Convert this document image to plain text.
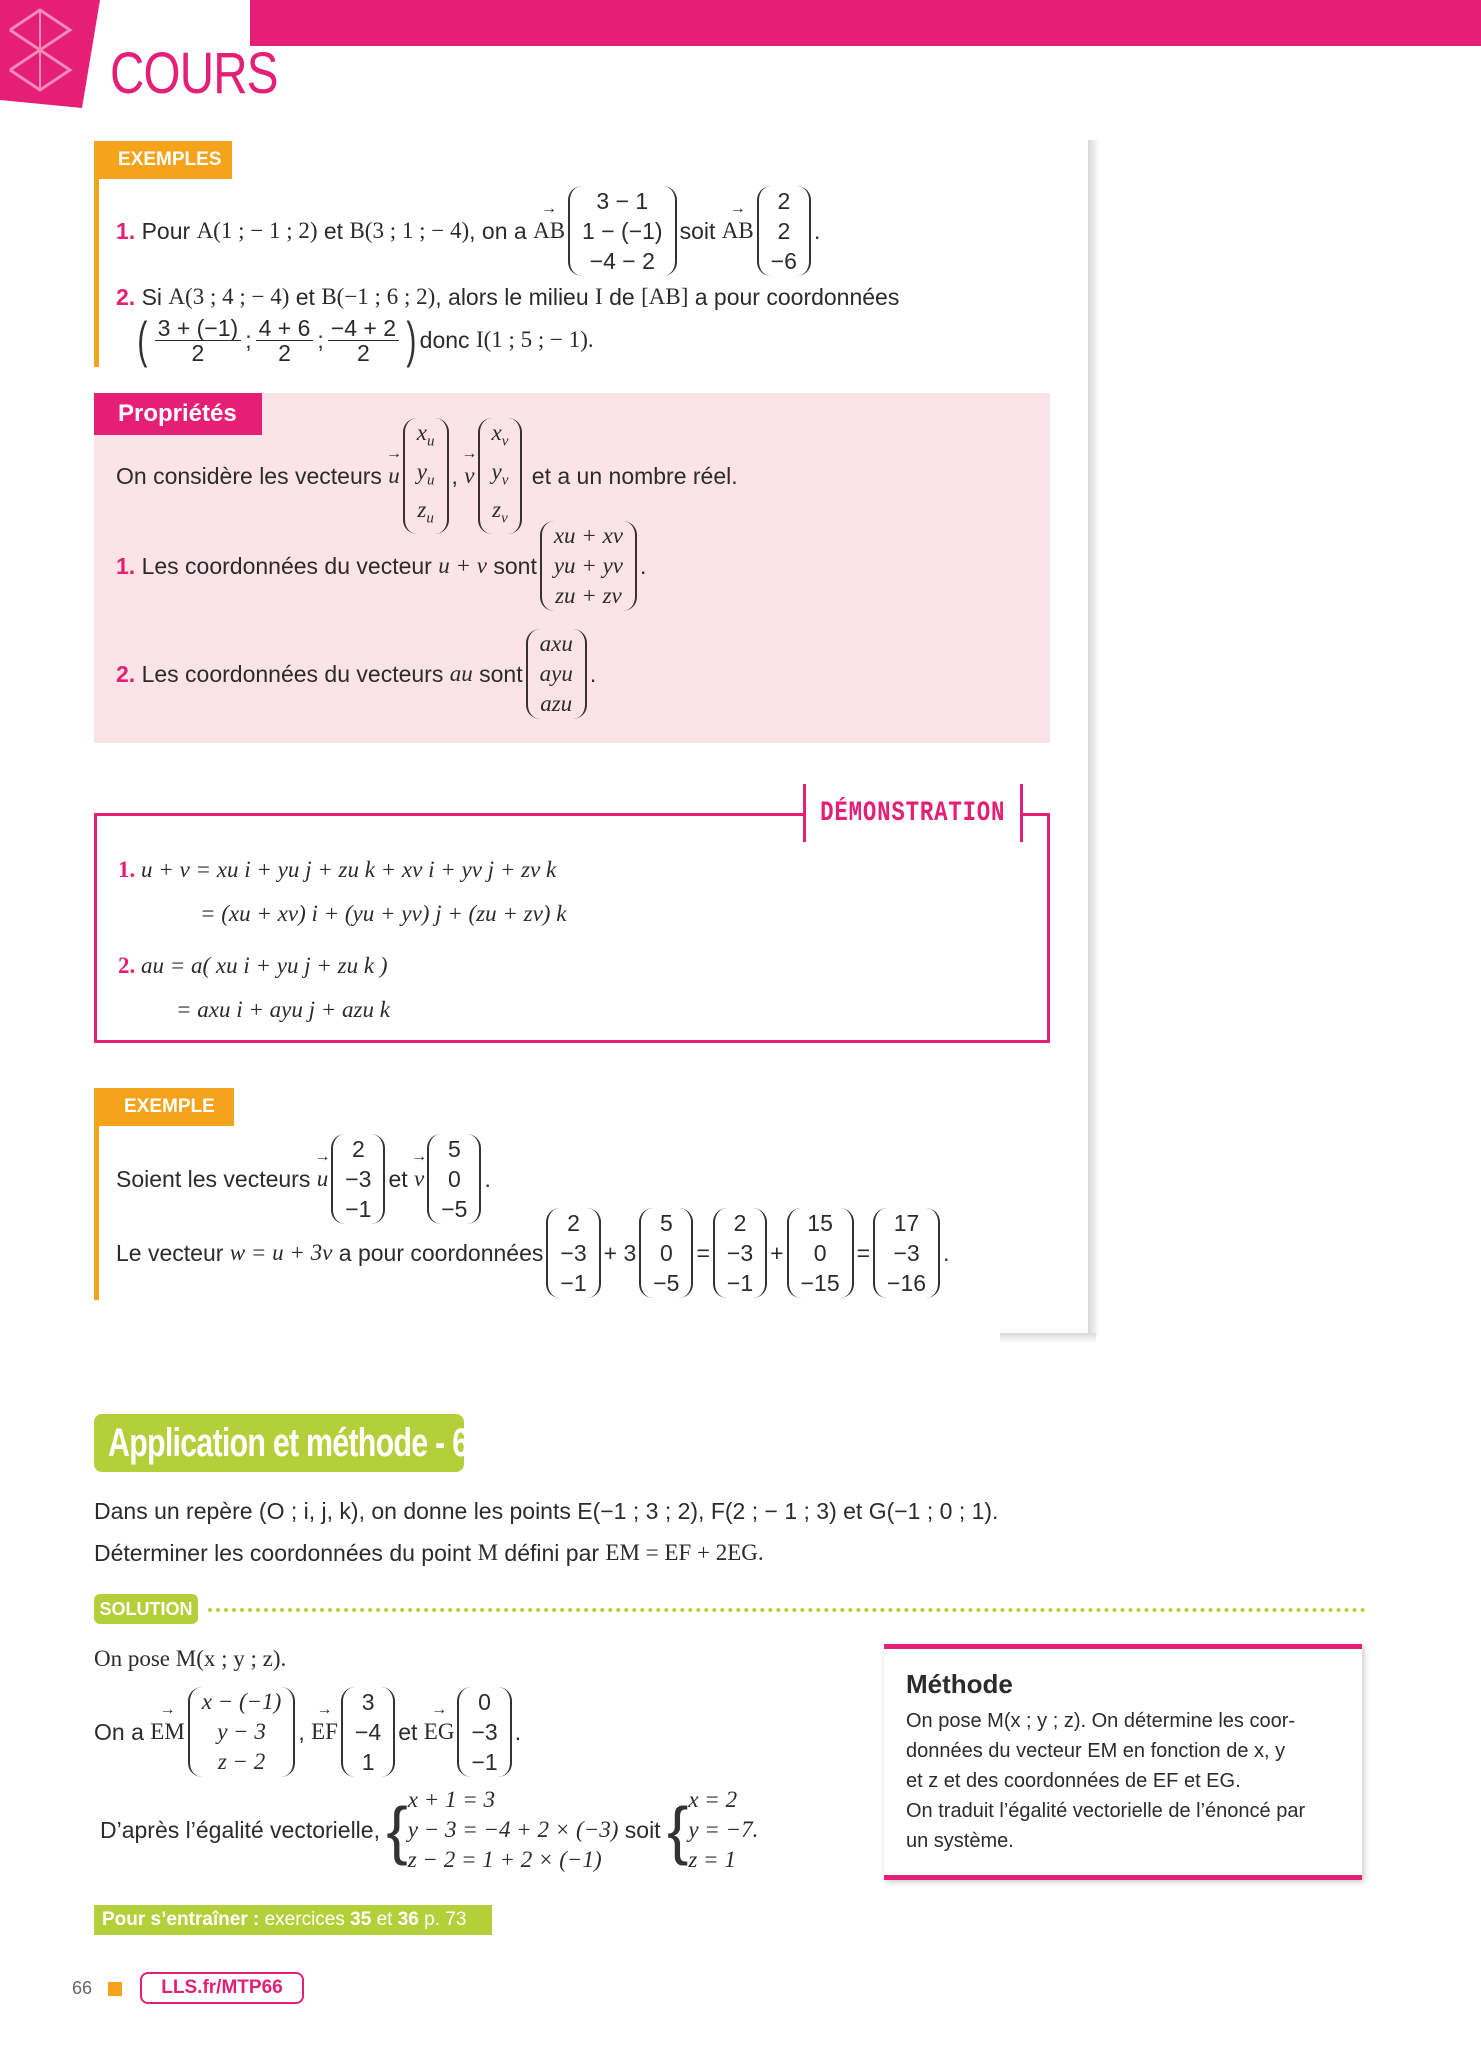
COURS
EXEMPLES
1.
Pour
A(1 ; − 1 ; 2)
et
B(3 ; 1 ; − 4) , on a
→ AB
3 − 1
1 − (−1)
−4 − 2
soit
→ AB
2
2
−6
.
2.
Si
A(3 ; 4 ; − 4)
et
B(−1 ; 6 ; 2) , alors le milieu
I
de
[AB]
a pour coordonnées
( $\frac{3 + (-1)}{2}$ ; $\frac{4 + 6}{2}$ ; $\frac{-4 + 2}{2}$ ) donc
I(1 ; 5 ; − 1).
Propriétés
On considère les vecteurs
→ u
$x_u$
$y_u$
$z_u$
, → v
$x_v$
$y_v$
$z_v$

et a un nombre réel.
1.
Les coordonnées du vecteur
u + v
sont
xu + xv
yu + yv
zu + zv
.
2.
Les coordonnées du vecteurs
au
sont
axu
ayu
azu
.
DÉMONSTRATION
1.
u + v = xu i + yu j + zu k + xv i + yv j + zv k
= (xu + xv) i + (yu + yv) j + (zu + zv) k
2.
au = a( xu i + yu j + zu k )
= axu i + ayu j + azu k
EXEMPLE
Soient les vecteurs
→ u
2
−3
−1
et
→ v
5
0
−5
.
Le vecteur
w = u + 3v
a pour coordonnées
2
−3
−1
+ 3
5
0
−5
=
2
−3
−1
+
15
0
−15
=
17
−3
−16
.
Application et méthode - 6
Dans un repère (O ; i, j, k), on donne les points E(−1 ; 3 ; 2), F(2 ; − 1 ; 3) et G(−1 ; 0 ; 1).
Déterminer les coordonnées du point
M
défini par
EM = EF + 2EG.
SOLUTION
On pose M(x ; y ; z).
On a
→ EM
x − (−1)
y − 3
z − 2
, → EF
3
−4
1
et
→ EG
0
−3
−1
.
D’après l’égalité vectorielle,
{ x + 1 = 3
y − 3 = −4 + 2 × (−3)
z − 2 = 1 + 2 × (−1)

soit
{ x = 2
y = −7.
z = 1
Méthode
On pose M(x ; y ; z). On détermine les coor-
données du vecteur EM en fonction de x, y
et z et des coordonnées de EF et EG.
On traduit l’égalité vectorielle de l’énoncé par
un système.
Pour s’entraîner : exercices 35 et 36 p. 73
66	LLS.fr/MTP66
